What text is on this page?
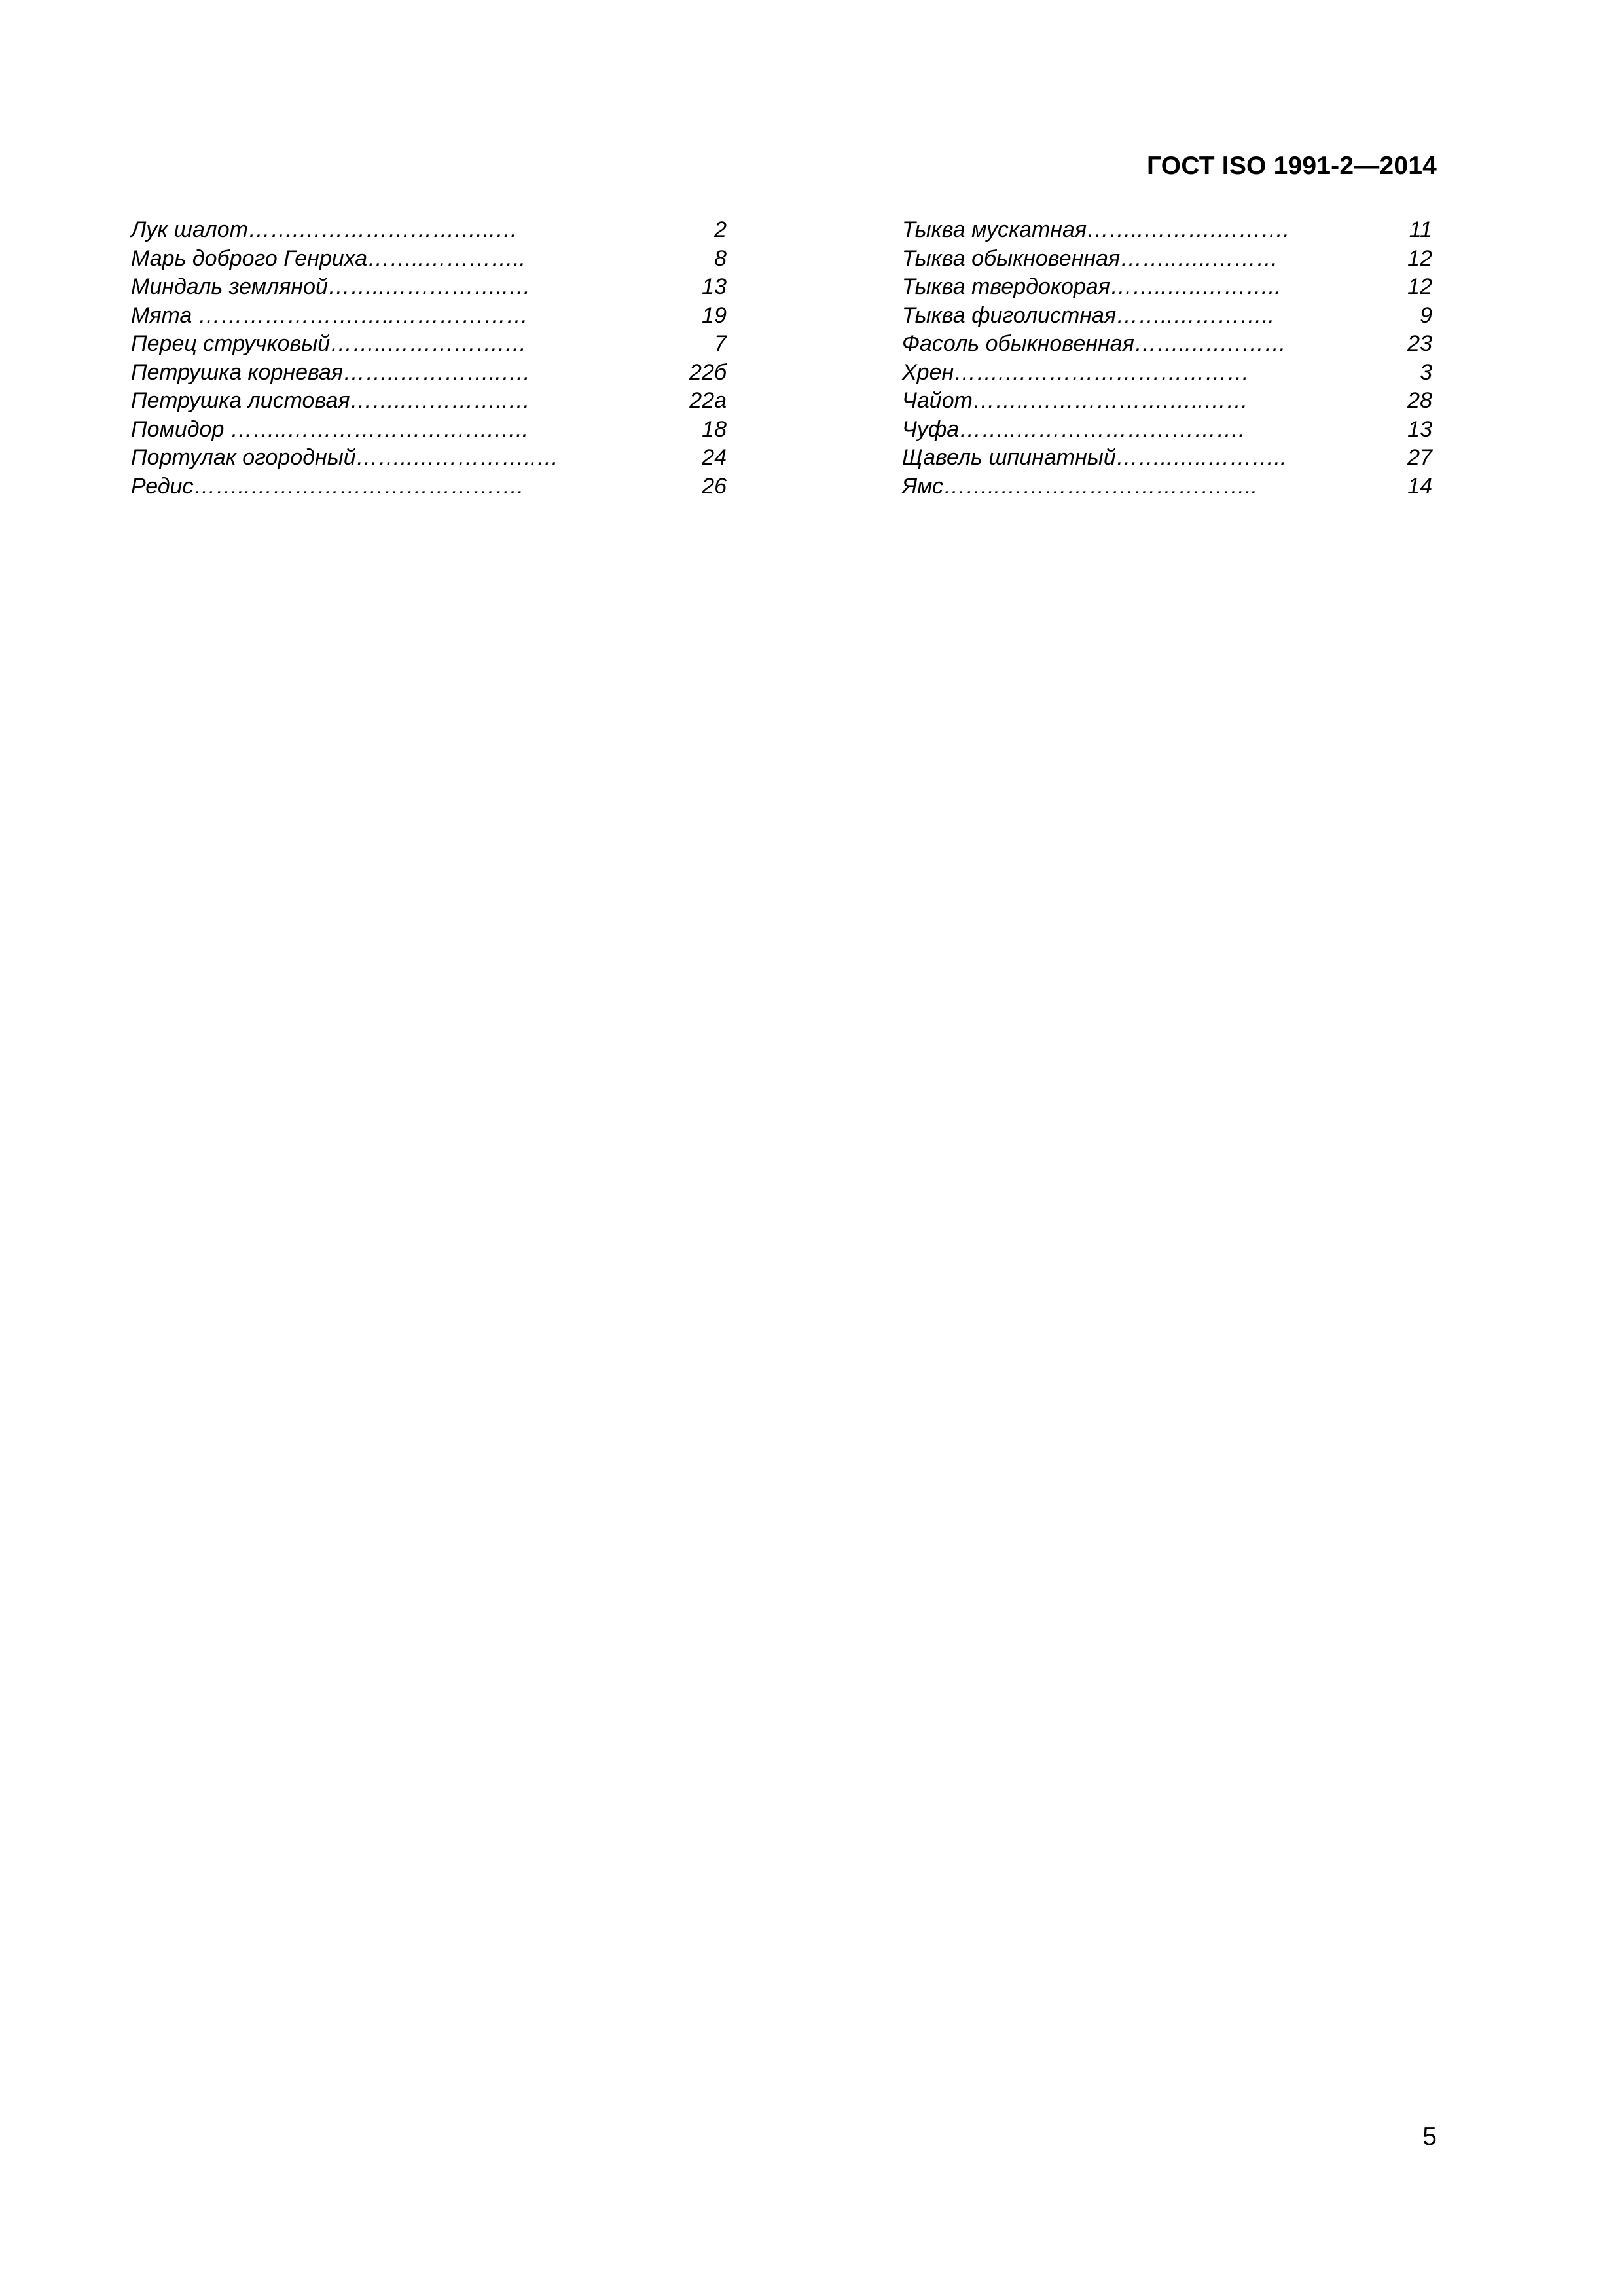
ГОСТ ISO 1991-2—2014
Лук шалот…….………………….…..…	2
Марь доброго Генриха……..…………..	8
Миндаль земляной……..……………..…	13
Мята ………………….…..………………	19
Перец стручковый……..…………….…	7
Петрушка корневая……..…………..….	22б
Петрушка листовая……..…………..…	22а
Помидор ……..……………………….…..	18
Портулак огородный……..……………..…	24
Редис……..……………………………….	26
Тыква мускатная……..……….……….	11
Тыква обыкновенная……..…..………	12
Тыква твердокорая……..…..………..	12
Тыква фиголистная……..…………..	9
Фасоль обыкновенная……..….………	23
Хрен…….……………………………	3
Чайот……..……………….…..……	28
Чуфа……..………………………….	13
Щавель шпинатный……..…..………..	27
Ямс……..……………………………..	14
5
